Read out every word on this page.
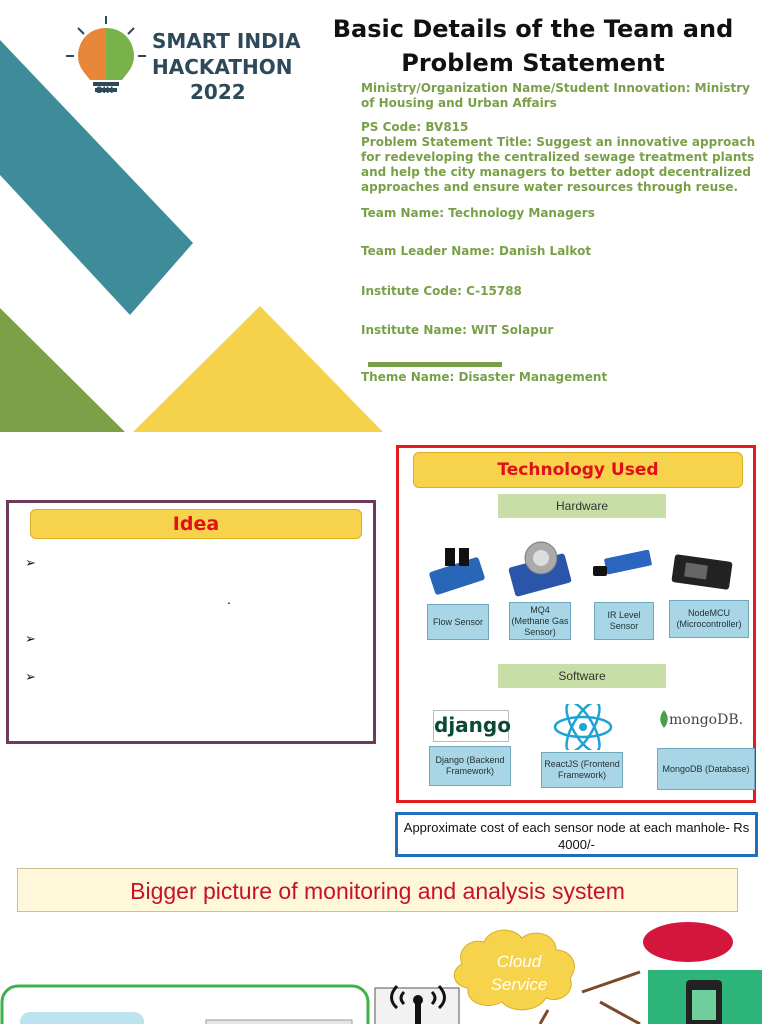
SIH
SMART INDIA
HACKATHON
2022
Basic Details of the Team and
Problem Statement
Ministry/Organization Name/Student Innovation: Ministry of Housing and Urban Affairs
PS Code: BV815
Problem Statement Title: Suggest an innovative approach for redeveloping the centralized sewage treatment plants and help the city managers to better adopt decentralized approaches and ensure water resources through reuse.
Team Name: Technology Managers
Team Leader Name: Danish Lalkot
Institute Code: C-15788
Institute Name: WIT Solapur
Theme Name: Disaster Management
Idea
➢
.
➢
➢
Technology Used
Hardware
Flow Sensor
MQ4 (Methane Gas Sensor)
IR Level Sensor
NodeMCU (Microcontroller)
Software
django	mongoDB.
Django (Backend Framework)
ReactJS (Frontend Framework)
MongoDB (Database)
Approximate cost of each sensor node at each manhole- Rs 4000/-
Bigger picture of monitoring and analysis system
Cloud Service
